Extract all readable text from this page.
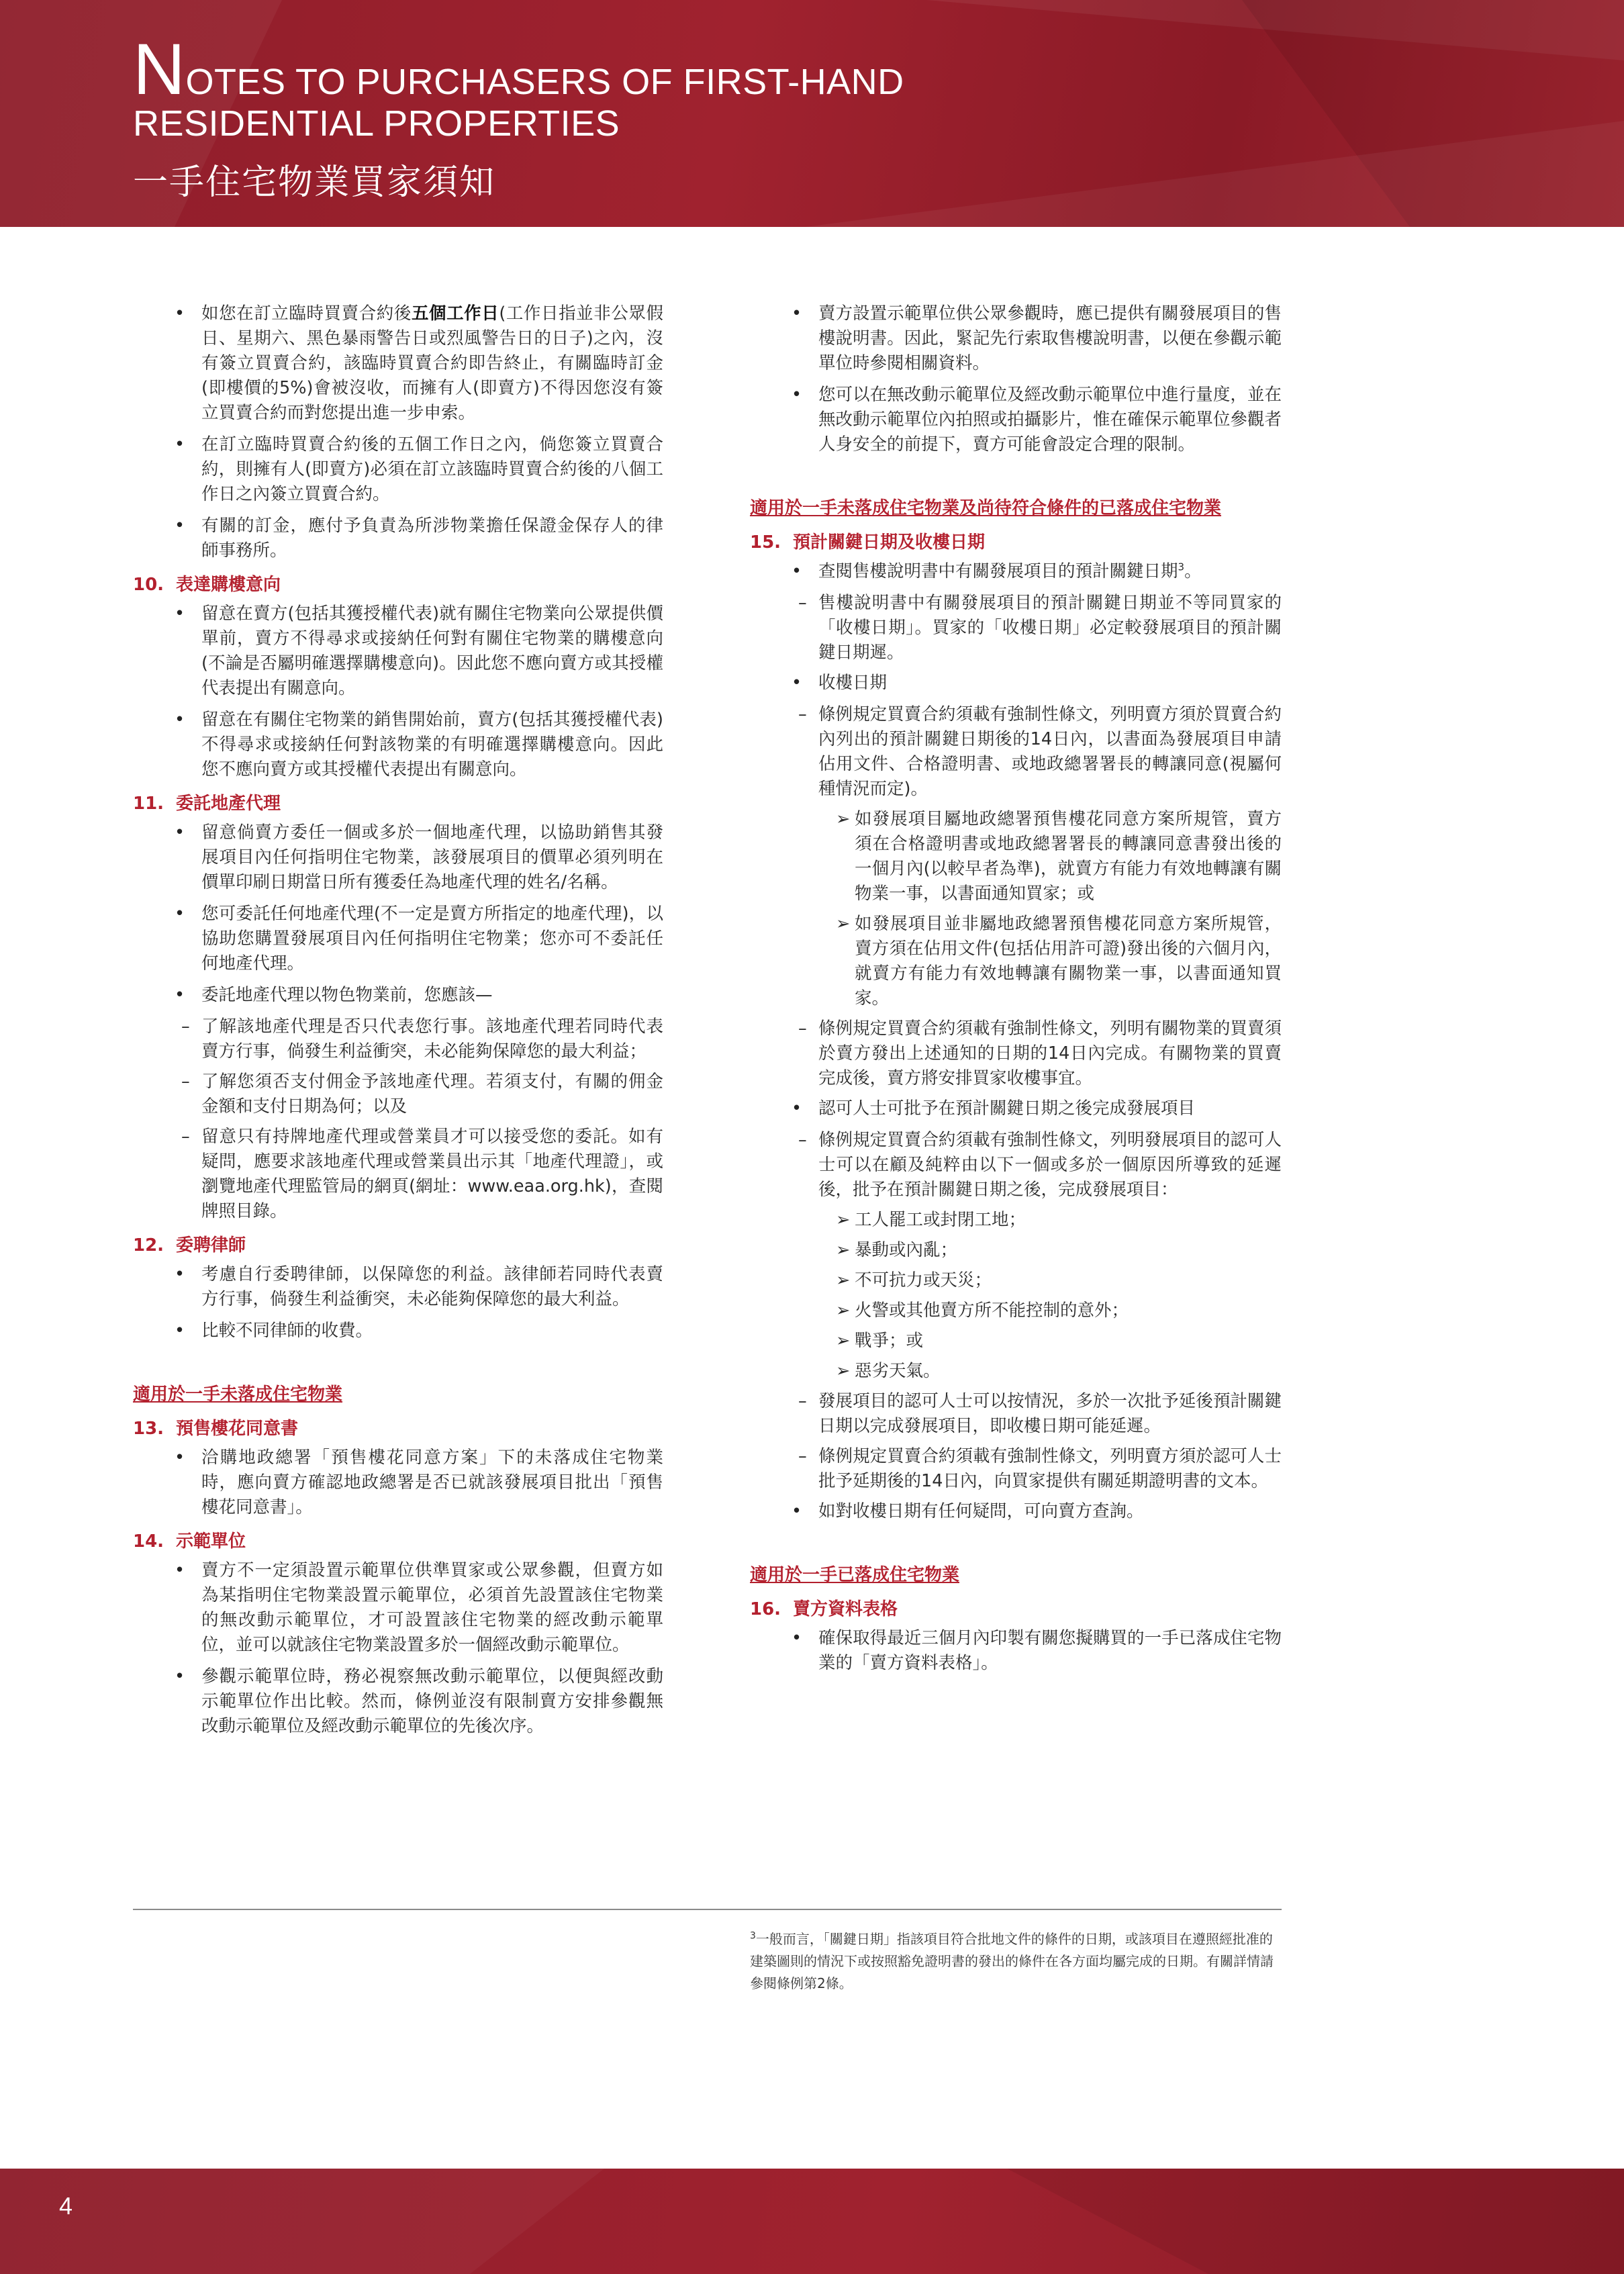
NOTES TO PURCHASERS OF FIRST-HAND
RESIDENTIAL PROPERTIES
一手住宅物業買家須知
• 如您在訂立臨時買賣合約後五個工作日(工作日指並非公眾假日、星期六、黑色暴雨警告日或烈風警告日的日子)之內，沒有簽立買賣合約，該臨時買賣合約即告終止，有關臨時訂金(即樓價的5%)會被沒收，而擁有人(即賣方)不得因您沒有簽立買賣合約而對您提出進一步申索。
• 在訂立臨時買賣合約後的五個工作日之內，倘您簽立買賣合約，則擁有人(即賣方)必須在訂立該臨時買賣合約後的八個工作日之內簽立買賣合約。
• 有關的訂金，應付予負責為所涉物業擔任保證金保存人的律師事務所。
10. 表達購樓意向
• 留意在賣方(包括其獲授權代表)就有關住宅物業向公眾提供價單前，賣方不得尋求或接納任何對有關住宅物業的購樓意向(不論是否屬明確選擇購樓意向)。因此您不應向賣方或其授權代表提出有關意向。
• 留意在有關住宅物業的銷售開始前，賣方(包括其獲授權代表)不得尋求或接納任何對該物業的有明確選擇購樓意向。因此您不應向賣方或其授權代表提出有關意向。
11. 委託地產代理
• 留意倘賣方委任一個或多於一個地產代理，以協助銷售其發展項目內任何指明住宅物業，該發展項目的價單必須列明在價單印刷日期當日所有獲委任為地產代理的姓名/名稱。
• 您可委託任何地產代理(不一定是賣方所指定的地產代理)，以協助您購置發展項目內任何指明住宅物業；您亦可不委託任何地產代理。
• 委託地產代理以物色物業前，您應該—
– 了解該地產代理是否只代表您行事。該地產代理若同時代表賣方行事，倘發生利益衝突，未必能夠保障您的最大利益；
– 了解您須否支付佣金予該地產代理。若須支付，有關的佣金金額和支付日期為何；以及
– 留意只有持牌地產代理或營業員才可以接受您的委託。如有疑問，應要求該地產代理或營業員出示其「地產代理證」，或瀏覽地產代理監管局的網頁(網址：www.eaa.org.hk)，查閱牌照目錄。
12. 委聘律師
• 考慮自行委聘律師，以保障您的利益。該律師若同時代表賣方行事，倘發生利益衝突，未必能夠保障您的最大利益。
• 比較不同律師的收費。
適用於一手未落成住宅物業
13. 預售樓花同意書
• 洽購地政總署「預售樓花同意方案」下的未落成住宅物業時，應向賣方確認地政總署是否已就該發展項目批出「預售樓花同意書」。
14. 示範單位
• 賣方不一定須設置示範單位供準買家或公眾參觀，但賣方如為某指明住宅物業設置示範單位，必須首先設置該住宅物業的無改動示範單位，才可設置該住宅物業的經改動示範單位，並可以就該住宅物業設置多於一個經改動示範單位。
• 參觀示範單位時，務必視察無改動示範單位，以便與經改動示範單位作出比較。然而，條例並沒有限制賣方安排參觀無改動示範單位及經改動示範單位的先後次序。
• 賣方設置示範單位供公眾參觀時，應已提供有關發展項目的售樓說明書。因此，緊記先行索取售樓說明書，以便在參觀示範單位時參閱相關資料。
• 您可以在無改動示範單位及經改動示範單位中進行量度，並在無改動示範單位內拍照或拍攝影片，惟在確保示範單位參觀者人身安全的前提下，賣方可能會設定合理的限制。
適用於一手未落成住宅物業及尚待符合條件的已落成住宅物業
15. 預計關鍵日期及收樓日期
• 查閱售樓說明書中有關發展項目的預計關鍵日期$^3$。
– 售樓說明書中有關發展項目的預計關鍵日期並不等同買家的「收樓日期」。買家的「收樓日期」必定較發展項目的預計關鍵日期遲。
• 收樓日期
– 條例規定買賣合約須載有強制性條文，列明賣方須於買賣合約內列出的預計關鍵日期後的14日內，以書面為發展項目申請佔用文件、合格證明書、或地政總署署長的轉讓同意(視屬何種情況而定)。
➢ 如發展項目屬地政總署預售樓花同意方案所規管，賣方須在合格證明書或地政總署署長的轉讓同意書發出後的一個月內(以較早者為準)，就賣方有能力有效地轉讓有關物業一事，以書面通知買家；或
➢ 如發展項目並非屬地政總署預售樓花同意方案所規管，賣方須在佔用文件(包括佔用許可證)發出後的六個月內，就賣方有能力有效地轉讓有關物業一事，以書面通知買家。
– 條例規定買賣合約須載有強制性條文，列明有關物業的買賣須於賣方發出上述通知的日期的14日內完成。有關物業的買賣完成後，賣方將安排買家收樓事宜。
• 認可人士可批予在預計關鍵日期之後完成發展項目
– 條例規定買賣合約須載有強制性條文，列明發展項目的認可人士可以在顧及純粹由以下一個或多於一個原因所導致的延遲後，批予在預計關鍵日期之後，完成發展項目：
➢ 工人罷工或封閉工地；
➢ 暴動或內亂；
➢ 不可抗力或天災；
➢ 火警或其他賣方所不能控制的意外；
➢ 戰爭；或
➢ 惡劣天氣。
– 發展項目的認可人士可以按情況，多於一次批予延後預計關鍵日期以完成發展項目，即收樓日期可能延遲。
– 條例規定買賣合約須載有強制性條文，列明賣方須於認可人士批予延期後的14日內，向買家提供有關延期證明書的文本。
• 如對收樓日期有任何疑問，可向賣方查詢。
適用於一手已落成住宅物業
16. 賣方資料表格
• 確保取得最近三個月內印製有關您擬購買的一手已落成住宅物業的「賣方資料表格」。
$^3$一般而言，「關鍵日期」指該項目符合批地文件的條件的日期，或該項目在遵照經批准的建築圖則的情況下或按照豁免證明書的發出的條件在各方面均屬完成的日期。有關詳情請參閱條例第2條。
4
